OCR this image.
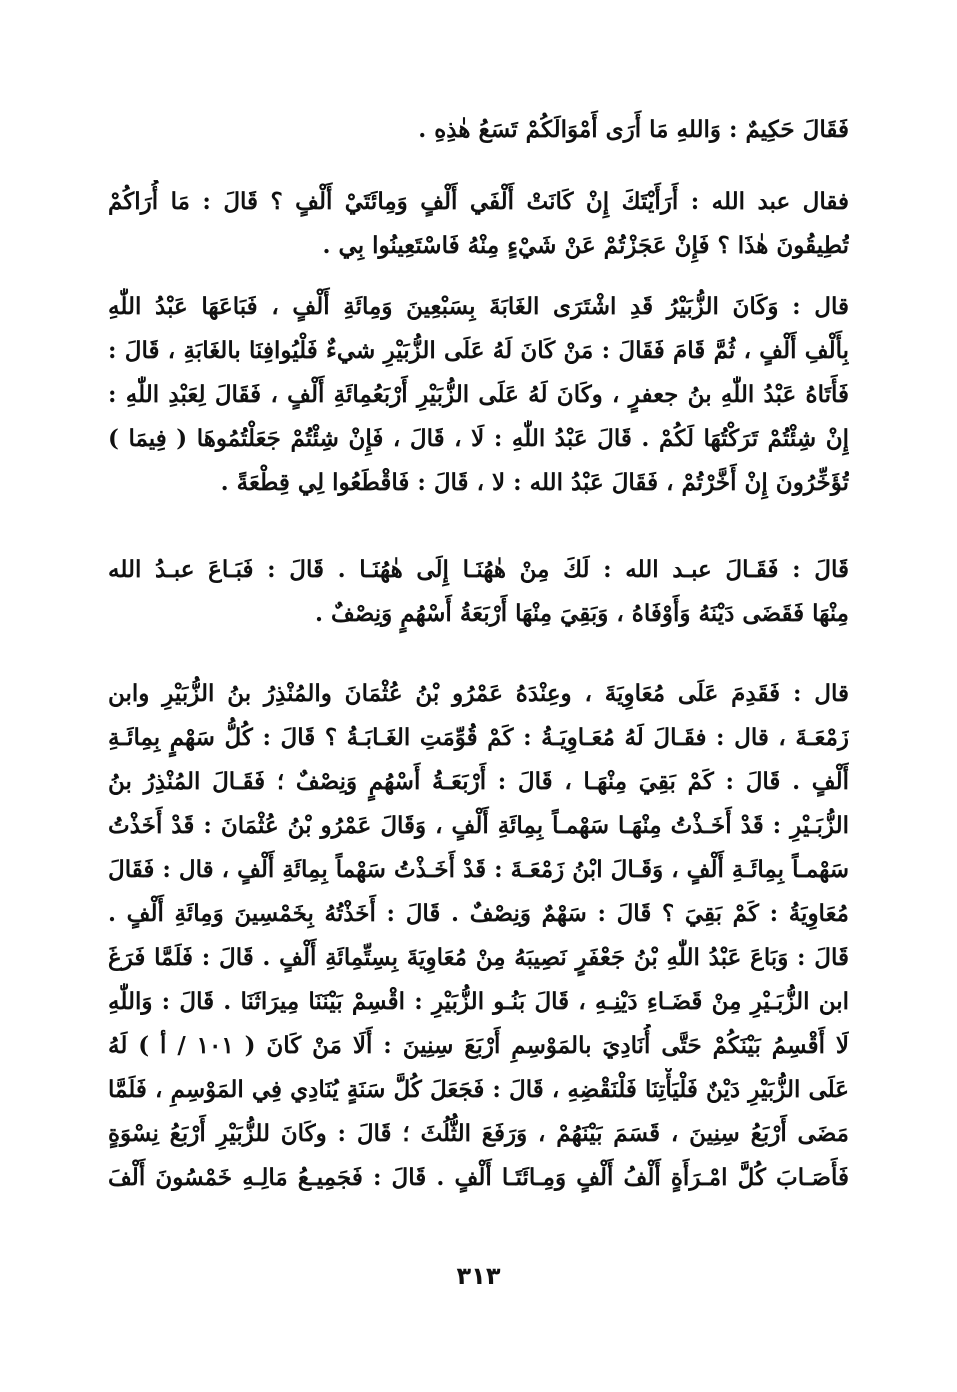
فَقَالَ حَكِيمٌ : وَاللهِ مَا أَرَى أَمْوَالَكُمْ تَسَعُ هٰذِهِ .
فقال عبد الله : أَرَأَيْتَكَ إِنْ كَانَتْ أَلْفَي أَلْفٍ وَمِائَتَيْ أَلْفٍ ؟ قَالَ : مَا أُرَاكُمْ
تُطِيقُونَ هٰذَا ؟ فَإِنْ عَجَزْتُمْ عَنْ شَيْءٍ مِنْهُ فَاسْتَعِينُوا بِي .
قال : وَكَانَ الزُّبَيْرُ قَدِ اشْتَرَى الغَابَةَ بِسَبْعِينَ وَمِائَةِ أَلْفٍ ، فَبَاعَهَا عَبْدُ اللّٰهِ
بِأَلْفِ أَلْفٍ ، ثُمَّ قَامَ فَقَالَ : مَنْ كَانَ لَهُ عَلَى الزُّبَيْرِ شيءٌ فَلْيُوافِنَا بالغَابَةِ ، قَالَ :
فَأَتَاهُ عَبْدُ اللّٰهِ بنُ جعفرٍ ، وكَانَ لَهُ عَلَى الزُّبَيْرِ أَرْبَعُمِائَةِ أَلْفٍ ، فَقَالَ لِعَبْدِ اللّٰهِ :
إِنْ شِئْتُمْ تَرَكْتُهَا لَكُمْ . قَالَ عَبْدُ اللّٰهِ : لَا ، قَالَ ، فَإِنْ شِئْتُمْ جَعَلْتُمُوهَا ( فِيمَا )
تُؤَخِّرُونَ إِنْ أَخَّرْتُمْ ، فَقَالَ عَبْدُ الله : لا ، قَالَ : فَاقْطَعُوا لِي قِطْعَةً .
قَالَ : فَقَـالَ عبـد الله : لَكَ مِنْ هٰهُنَـا إِلَى هٰهُنَـا . قَالَ : فَبَـاعَ عبـدُ الله
مِنْهَا فَقَضَى دَيْنَهُ وَأَوْفَاهُ ، وَبَقِيَ مِنْهَا أَرْبَعَةُ أَسْهُمٍ وَنِصْفٌ .
قال : فَقَدِمَ عَلَى مُعَاوِيَةَ ، وعِنْدَهُ عَمْرُو بْنُ عُثْمَانَ والمُنْذِرُ بنُ الزُّبَيْرِ وابن
زَمْعَـةَ ، قال : فقَـالَ لَهُ مُعَـاوِيَـةُ : كَمْ قُوِّمَتِ الغَـابَـةُ ؟ قَالَ : كُلُّ سَهْمٍ بِمِائَـةِ
أَلْفٍ . قَالَ : كَمْ بَقِيَ مِنْهَـا ، قَالَ : أَرْبَعَـةُ أَسْهُمٍ وَنِصْفٌ ؛ فَقَـالَ المُنْذِرُ بنُ
الزُّبَـيْرِ : قَدْ أَخَـذْتُ مِنْهَـا سَهْمـاً بِمِائَةِ أَلْفٍ ، وَقَالَ عَمْرُو بْنُ عُثْمَانَ : قَدْ أَخَذْتُ
سَهْمـاً بِمِائَـةِ أَلْفٍ ، وَقَـالَ ابْنُ زَمْعَـةَ : قَدْ أَخَـذْتُ سَهْماً بِمِائَةِ أَلْفٍ ، قال : فَقَالَ
مُعَاوِيَةُ : كَمْ بَقِيَ ؟ قَالَ : سَهْمٌ وَنِصْفٌ . قَالَ : أَخَذْتُهُ بِخَمْسِينَ وَمِائَةِ أَلْفٍ .
قَالَ : وَبَاعَ عَبْدُ اللّٰهِ بْنُ جَعْفَرٍ نَصِيبَهُ مِنْ مُعَاوِيَةَ بِسِتِّمِائَةِ أَلْفٍ . قَالَ : فَلَمَّا فَرَغَ
ابن الزُّبَـيْرِ مِنْ قَضَـاءِ دَيْنِـهِ ، قَالَ بَنُـو الزُّبَيْرِ : اقْسِمْ بَيْنَنَا مِيرَاثَنَا . قَالَ : وَاللّٰهِ
لَا أَقْسِمُ بَيْنَكُمْ حَتَّى أُنَادِيَ بالمَوْسِمِ أَرْبَعَ سِنِينَ : أَلَا مَنْ كَانَ ( ١٠١ / أ ) لَهُ
عَلَى الزُّبَيْرِ دَيْنٌ فَلْيَأْتِنَا فَلْنَقْضِهِ ، قَالَ : فَجَعَلَ كُلَّ سَنَةٍ يُنَادِي فِي المَوْسِمِ ، فَلَمَّا
مَضَى أَرْبَعُ سِنِينَ ، قَسَمَ بَيْنَهُمْ ، وَرَفَعَ الثُّلُثَ ؛ قَالَ : وكَانَ للزُّبَيْرِ أَرْبَعُ نِسْوَةٍ
فَأَصَـابَ كُلَّ امْـرَأَةٍ أَلْفُ أَلْفٍ وَمِـائَتَـا أَلْفٍ . قَالَ : فَجَمِيـعُ مَالِـهِ خَمْسُونَ أَلْفَ
٣١٣
